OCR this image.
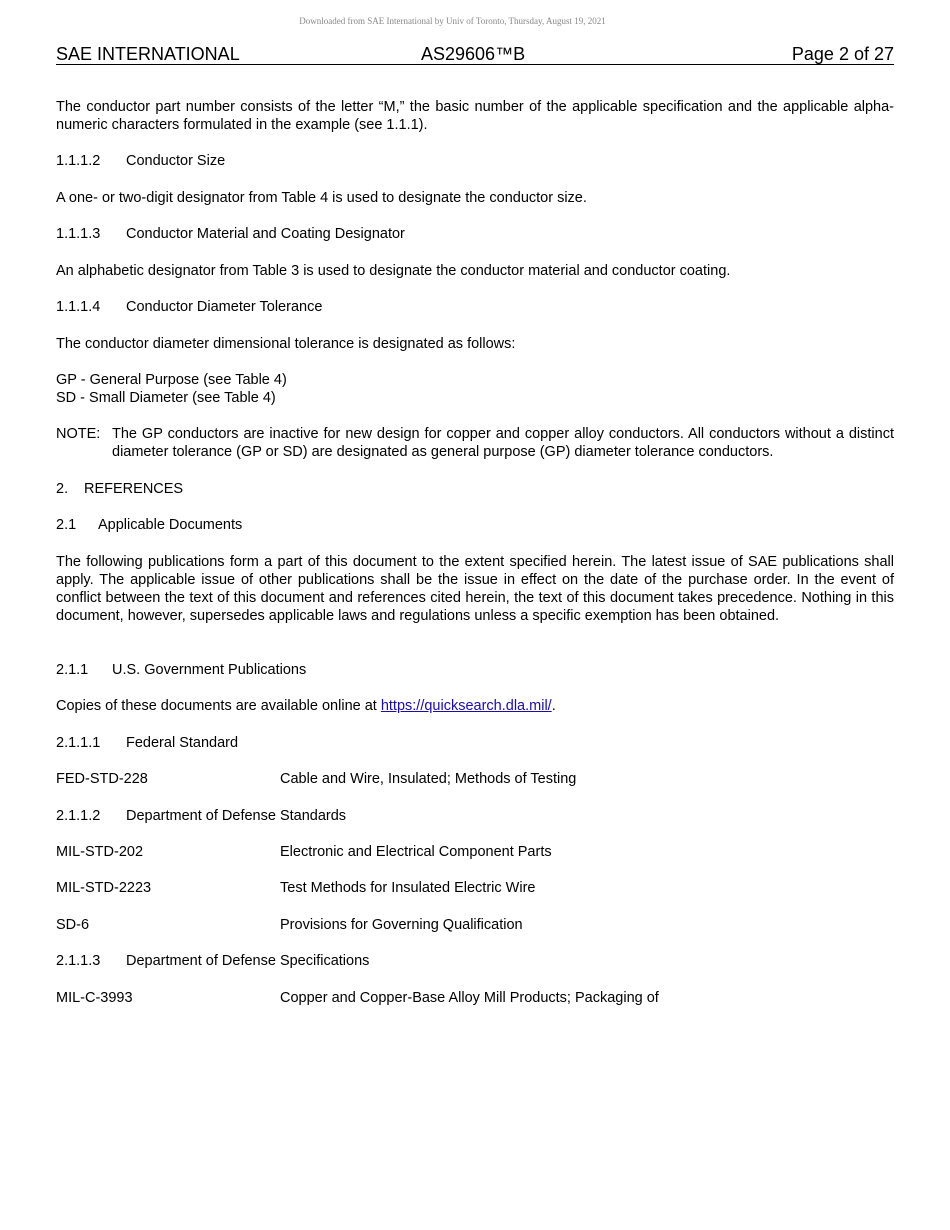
Downloaded from SAE International by Univ of Toronto, Thursday, August 19, 2021
SAE INTERNATIONAL	AS29606™B	Page 2 of 27
The conductor part number consists of the letter “M,” the basic number of the applicable specification and the applicable alpha-numeric characters formulated in the example (see 1.1.1).
1.1.1.2 Conductor Size
A one- or two-digit designator from Table 4 is used to designate the conductor size.
1.1.1.3 Conductor Material and Coating Designator
An alphabetic designator from Table 3 is used to designate the conductor material and conductor coating.
1.1.1.4 Conductor Diameter Tolerance
The conductor diameter dimensional tolerance is designated as follows:
GP - General Purpose (see Table 4)
SD - Small Diameter (see Table 4)
NOTE: The GP conductors are inactive for new design for copper and copper alloy conductors. All conductors without a distinct diameter tolerance (GP or SD) are designated as general purpose (GP) diameter tolerance conductors.
2. REFERENCES
2.1 Applicable Documents
The following publications form a part of this document to the extent specified herein. The latest issue of SAE publications shall apply. The applicable issue of other publications shall be the issue in effect on the date of the purchase order. In the event of conflict between the text of this document and references cited herein, the text of this document takes precedence. Nothing in this document, however, supersedes applicable laws and regulations unless a specific exemption has been obtained.
2.1.1 U.S. Government Publications
Copies of these documents are available online at https://quicksearch.dla.mil/.
2.1.1.1 Federal Standard
FED-STD-228	Cable and Wire, Insulated; Methods of Testing
2.1.1.2 Department of Defense Standards
MIL-STD-202	Electronic and Electrical Component Parts
MIL-STD-2223	Test Methods for Insulated Electric Wire
SD-6	Provisions for Governing Qualification
2.1.1.3 Department of Defense Specifications
MIL-C-3993	Copper and Copper-Base Alloy Mill Products; Packaging of
